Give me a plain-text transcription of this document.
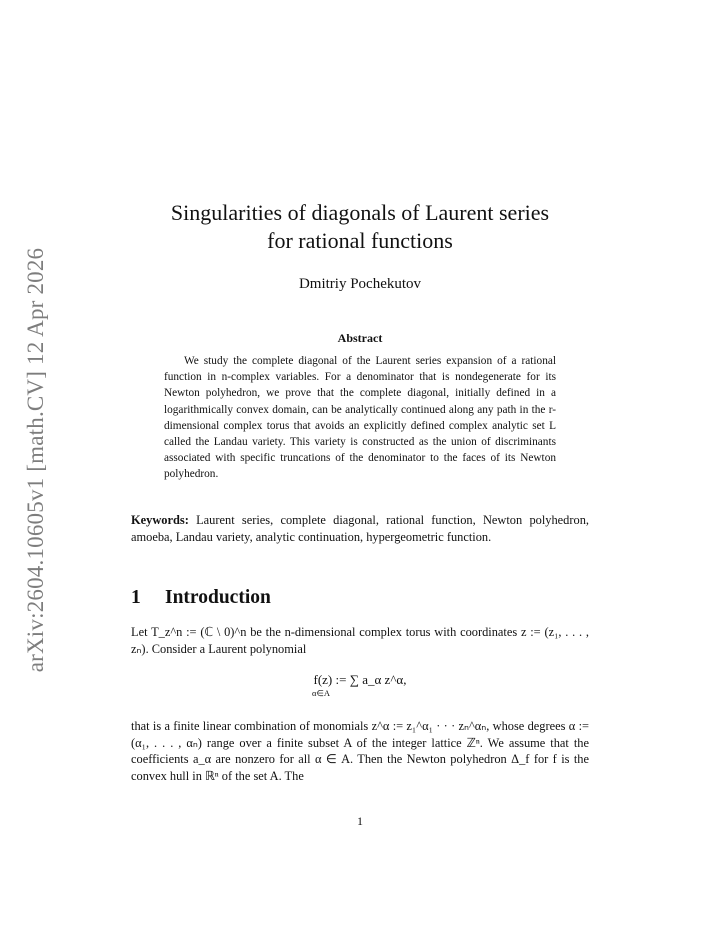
arXiv:2604.10605v1 [math.CV] 12 Apr 2026
Singularities of diagonals of Laurent series
for rational functions
Dmitriy Pochekutov
Abstract
We study the complete diagonal of the Laurent series expansion of a rational function in n-complex variables. For a denominator that is nondegenerate for its Newton polyhedron, we prove that the complete diagonal, initially defined in a logarithmically convex domain, can be analytically continued along any path in the r-dimensional complex torus that avoids an explicitly defined complex analytic set L called the Landau variety. This variety is constructed as the union of discriminants associated with specific truncations of the denominator to the faces of its Newton polyhedron.
Keywords: Laurent series, complete diagonal, rational function, Newton polyhedron, amoeba, Landau variety, analytic continuation, hypergeometric function.
1 Introduction
Let T_z^n := (ℂ \ 0)^n be the n-dimensional complex torus with coordinates z := (z₁, . . . , zₙ). Consider a Laurent polynomial
f(z) := ∑ a_α z^α,
α∈A
that is a finite linear combination of monomials z^α := z₁^α₁ · · · zₙ^αₙ, whose degrees α := (α₁, . . . , αₙ) range over a finite subset A of the integer lattice ℤⁿ. We assume that the coefficients a_α are nonzero for all α ∈ A. Then the Newton polyhedron Δ_f for f is the convex hull in ℝⁿ of the set A. The
1
